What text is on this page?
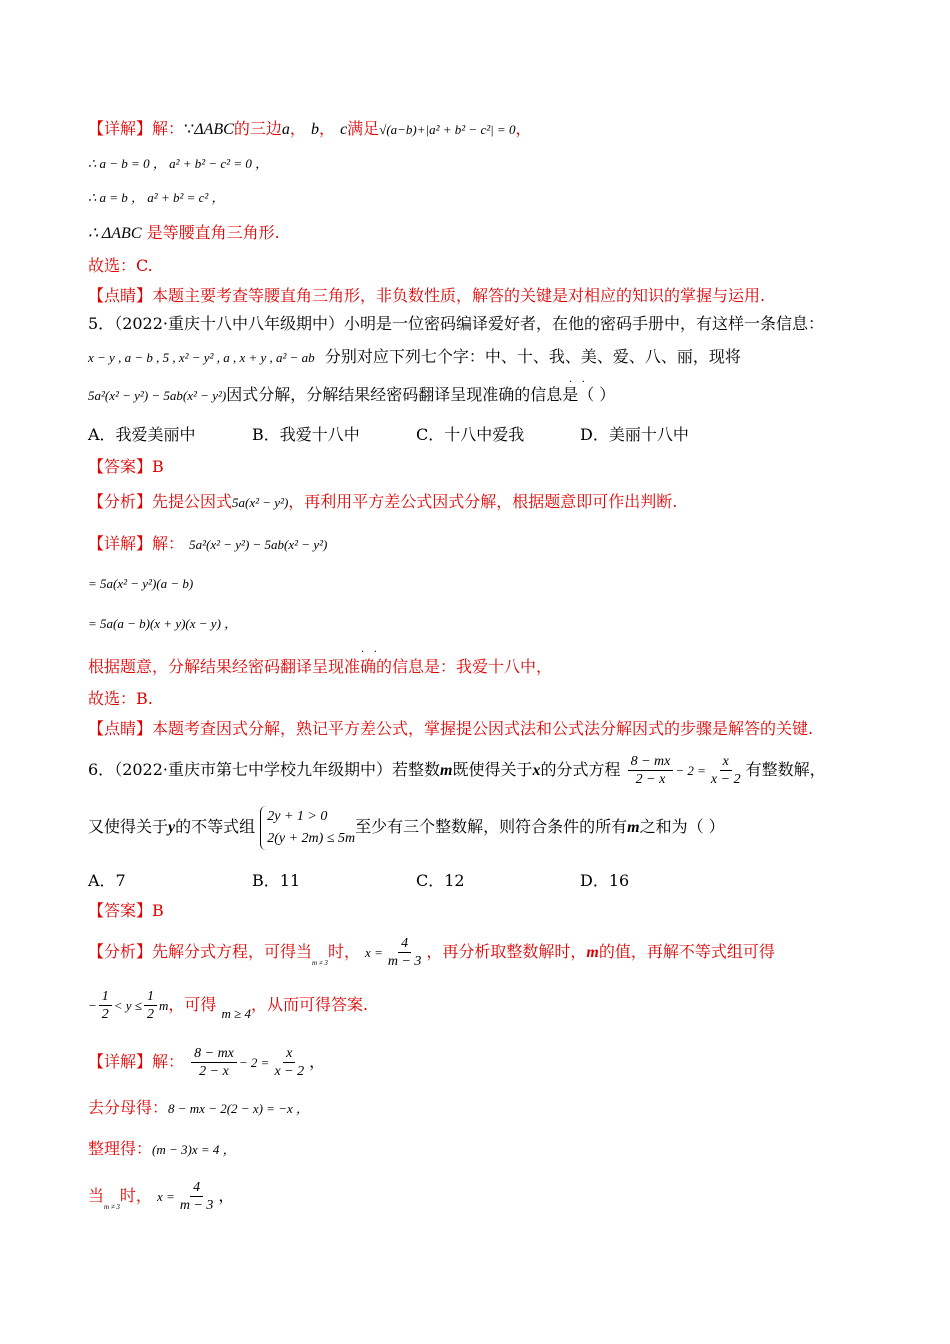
【详解】解：∵ΔABC的三边a， b， c满足√(a−b)+|a² + b² − c²| = 0，
∴ a − b = 0 ， a² + b² − c² = 0 ，
∴ a = b ， a² + b² = c² ，
∴ ΔABC 是等腰直角三角形.
故选：C.
【点睛】本题主要考查等腰直角三角形，非负数性质，解答的关键是对相应的知识的掌握与运用.
5．（2022·重庆十八中八年级期中）小明是一位密码编译爱好者，在他的密码手册中，有这样一条信息：
x − y , a − b , 5 , x² − y² , a , x + y , a² − ab 分别对应下列七个字：中、十、我、美、爱、八、丽，现将
5a²(x² − y²) − 5ab(x² − y²)因式分解，分解结果经密码翻译呈现准确的信息是（ ）
·   ·
A．我爱美丽中	B．我爱十八中	C．十八中爱我	D．美丽十八中
【答案】B
【分析】先提公因式5a(x² − y²)，再利用平方差公式因式分解，根据题意即可作出判断.
【详解】解： 5a²(x² − y²) − 5ab(x² − y²)
= 5a(x² − y²)(a − b)
= 5a(a − b)(x + y)(x − y) ，
·   ·
根据题意，分解结果经密码翻译呈现准确的信息是：我爱十八中，
故选：B.
【点睛】本题考查因式分解，熟记平方差公式，掌握提公因式法和公式法分解因式的步骤是解答的关键.
6．（2022·重庆市第七中学校九年级期中）若整数m既使得关于x的分式方程 $\frac{8 - mx}{2 - x} - 2 = \frac{x}{x - 2}$ 有整数解，
又使得关于y的不等式组
2y + 1 > 0
2(y + 2m) ≤ 5m
至少有三个整数解，则符合条件的所有m之和为（ ）
A．7	B．11	C．12	D．16
【答案】B
【分析】先解分式方程，可得当$_{m \ne 3}$时， $x = \frac{4}{m - 3}$ ，再分析取整数解时，m的值，再解不等式组可得
− $\frac{1}{2} < y \le \frac{1}{2}$ m，可得 $_{m \ge 4}$，从而可得答案.
【详解】解： $\frac{8 - mx}{2 - x} - 2 = \frac{x}{x - 2}$ ，
去分母得：8 − mx − 2(2 − x) = −x ，
整理得：(m − 3)x = 4 ，
当$_{m \ne 3}$时， $x = \frac{4}{m - 3}$ ，
